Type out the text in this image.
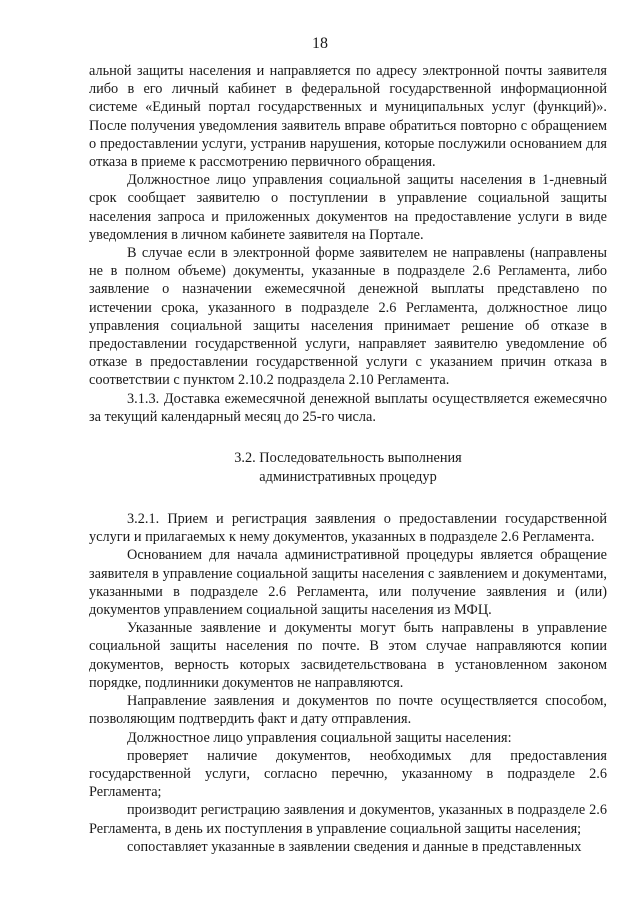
18

альной защиты населения и направляется по адресу электронной почты заявителя либо в его личный кабинет в федеральной государственной информационной системе «Единый портал государственных и муниципальных услуг (функций)». После получения уведомления заявитель вправе обратиться повторно с обращением о предоставлении услуги, устранив нарушения, которые послужили основанием для отказа в приеме к рассмотрению первичного обращения.

Должностное лицо управления социальной защиты населения в 1-дневный срок сообщает заявителю о поступлении в управление социальной защиты населения запроса и приложенных документов на предоставление услуги в виде уведомления в личном кабинете заявителя на Портале.

В случае если в электронной форме заявителем не направлены (направлены не в полном объеме) документы, указанные в подразделе 2.6 Регламента, либо заявление о назначении ежемесячной денежной выплаты представлено по истечении срока, указанного в подразделе 2.6 Регламента, должностное лицо управления социальной защиты населения принимает решение об отказе в предоставлении государственной услуги, направляет заявителю уведомление об отказе в предоставлении государственной услуги с указанием причин отказа в соответствии с пунктом 2.10.2 подраздела 2.10 Регламента.

3.1.3. Доставка ежемесячной денежной выплаты осуществляется ежемесячно за текущий календарный месяц до 25-го числа.

3.2. Последовательность выполнения
административных процедур

3.2.1. Прием и регистрация заявления о предоставлении государственной услуги и прилагаемых к нему документов, указанных в подразделе 2.6 Регламента.

Основанием для начала административной процедуры является обращение заявителя в управление социальной защиты населения с заявлением и документами, указанными в подразделе 2.6 Регламента, или получение заявления и (или) документов управлением социальной защиты населения из МФЦ.

Указанные заявление и документы могут быть направлены в управление социальной защиты населения по почте. В этом случае направляются копии документов, верность которых засвидетельствована в установленном законом порядке, подлинники документов не направляются.

Направление заявления и документов по почте осуществляется способом, позволяющим подтвердить факт и дату отправления.

Должностное лицо управления социальной защиты населения:

проверяет наличие документов, необходимых для предоставления государственной услуги, согласно перечню, указанному в подразделе 2.6 Регламента;

производит регистрацию заявления и документов, указанных в подразделе 2.6 Регламента, в день их поступления в управление социальной защиты населения;

сопоставляет указанные в заявлении сведения и данные в представленных
